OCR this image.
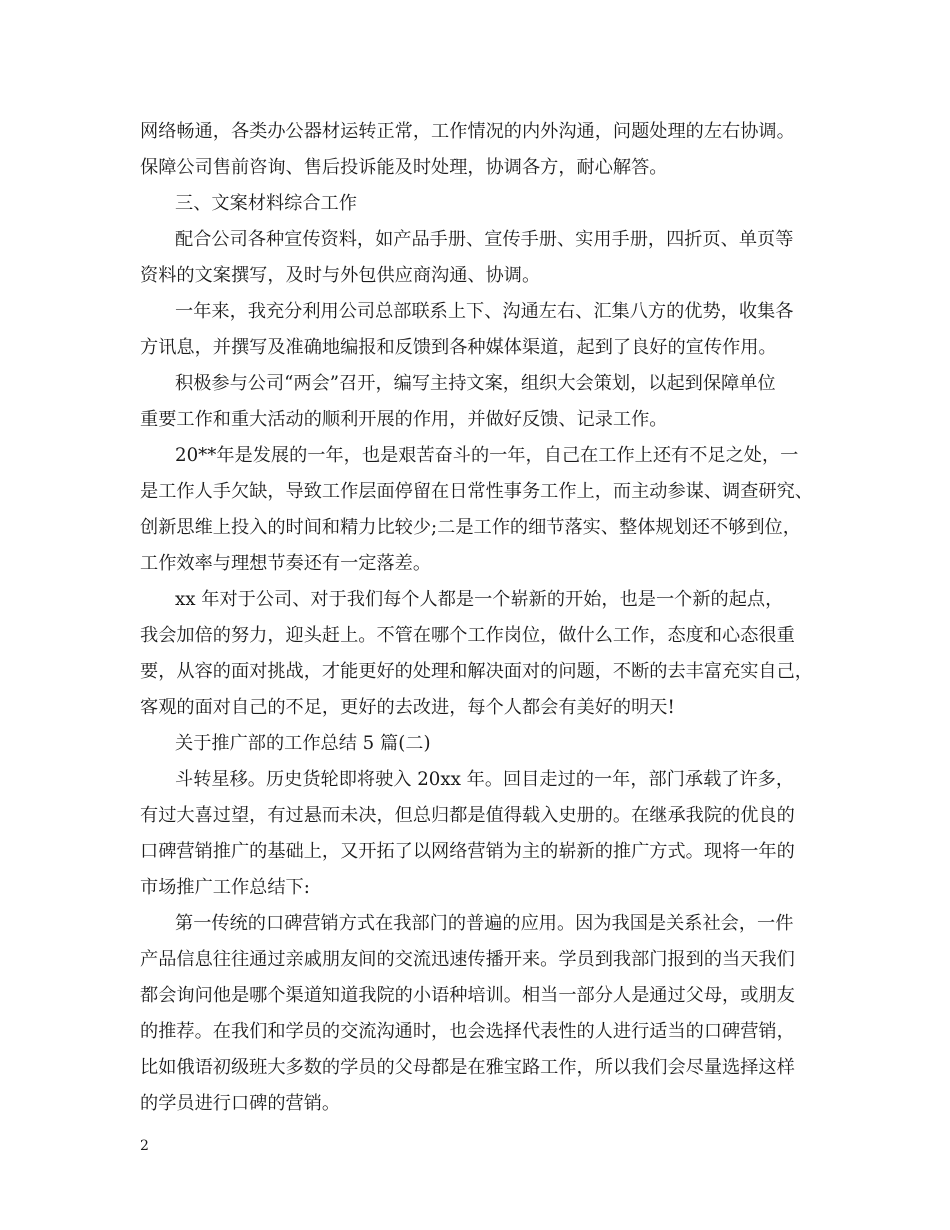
网络畅通，各类办公器材运转正常，工作情况的内外沟通，问题处理的左右协调。
保障公司售前咨询、售后投诉能及时处理，协调各方，耐心解答。
三、文案材料综合工作
配合公司各种宣传资料，如产品手册、宣传手册、实用手册，四折页、单页等
资料的文案撰写，及时与外包供应商沟通、协调。
一年来，我充分利用公司总部联系上下、沟通左右、汇集八方的优势，收集各
方讯息，并撰写及准确地编报和反馈到各种媒体渠道，起到了良好的宣传作用。
积极参与公司“两会”召开，编写主持文案，组织大会策划，以起到保障单位
重要工作和重大活动的顺利开展的作用，并做好反馈、记录工作。
20**年是发展的一年，也是艰苦奋斗的一年，自己在工作上还有不足之处，一
是工作人手欠缺，导致工作层面停留在日常性事务工作上，而主动参谋、调查研究、
创新思维上投入的时间和精力比较少;二是工作的细节落实、整体规划还不够到位，
工作效率与理想节奏还有一定落差。
xx 年对于公司、对于我们每个人都是一个崭新的开始，也是一个新的起点，
我会加倍的努力，迎头赶上。不管在哪个工作岗位，做什么工作，态度和心态很重
要，从容的面对挑战，才能更好的处理和解决面对的问题，不断的去丰富充实自己，
客观的面对自己的不足，更好的去改进，每个人都会有美好的明天!
关于推广部的工作总结 5 篇(二)
斗转星移。历史货轮即将驶入 20xx 年。回目走过的一年，部门承载了许多，
有过大喜过望，有过悬而未决，但总归都是值得载入史册的。在继承我院的优良的
口碑营销推广的基础上，又开拓了以网络营销为主的崭新的推广方式。现将一年的
市场推广工作总结下:
第一传统的口碑营销方式在我部门的普遍的应用。因为我国是关系社会，一件
产品信息往往通过亲戚朋友间的交流迅速传播开来。学员到我部门报到的当天我们
都会询问他是哪个渠道知道我院的小语种培训。相当一部分人是通过父母，或朋友
的推荐。在我们和学员的交流沟通时，也会选择代表性的人进行适当的口碑营销，
比如俄语初级班大多数的学员的父母都是在雅宝路工作，所以我们会尽量选择这样
的学员进行口碑的营销。
2
